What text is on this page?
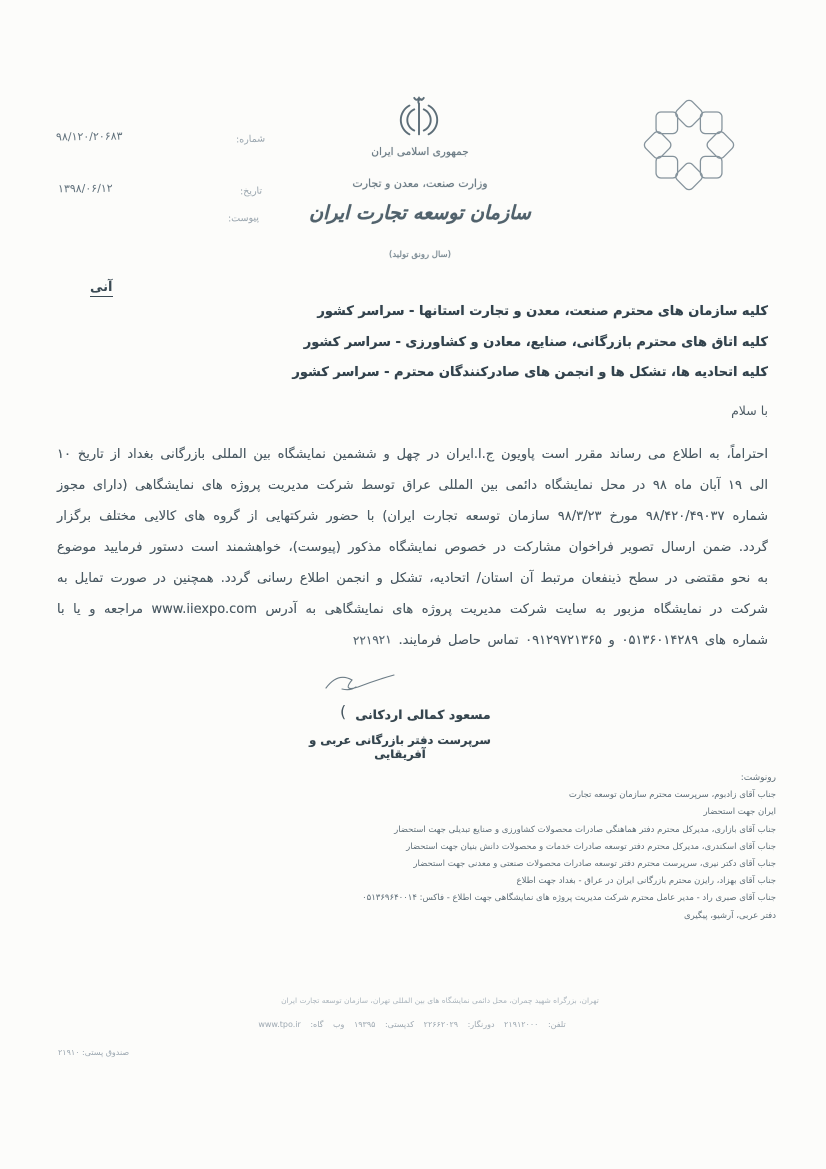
۹۸/۱۲۰/۲۰۶۸۳
۱۳۹۸/۰۶/۱۲
شماره:
تاریخ:
پیوست:
جمهوری اسلامی ایران
وزارت صنعت، معدن و تجارت
سازمان توسعه تجارت ایران
(سال رونق تولید)
آنی
کلیه سازمان های محترم صنعت، معدن و تجارت استانها - سراسر کشور
کلیه اتاق های محترم بازرگانی، صنایع، معادن و کشاورزی - سراسر کشور
کلیه اتحادیه ها، تشکل ها و انجمن های صادرکنندگان محترم - سراسر کشور
با سلام

احتراماً، به اطلاع می رساند مقرر است پاویون ج.ا.ایران در چهل و ششمین نمایشگاه بین المللی بازرگانی بغداد از تاریخ ۱۰ الی ۱۹ آبان ماه ۹۸ در محل نمایشگاه دائمی بین المللی عراق توسط شرکت مدیریت پروژه های نمایشگاهی (دارای مجوز شماره ۹۸/۴۲۰/۴۹۰۳۷ مورخ ۹۸/۳/۲۳ سازمان توسعه تجارت ایران) با حضور شرکتهایی از گروه های کالایی مختلف برگزار گردد. ضمن ارسال تصویر فراخوان مشارکت در خصوص نمایشگاه مذکور (پیوست)، خواهشمند است دستور فرمایید موضوع به نحو مقتضی در سطح ذینفعان مرتبط آن استان/ اتحادیه، تشکل و انجمن اطلاع رسانی گردد. همچنین در صورت تمایل به شرکت در نمایشگاه مزبور به سایت شرکت مدیریت پروژه های نمایشگاهی به آدرس www.iiexpo.com مراجعه و یا با شماره های ۰۵۱۳۶۰۱۴۲۸۹ و ۰۹۱۲۹۷۲۱۳۶۵ تماس حاصل فرمایند. ۲۲۱۹۲۱

( مسعود کمالی اردکانی
سرپرست دفتر بازرگانی عربی و آفریقایی
رونوشت:
جناب آقای زادبوم، سرپرست محترم سازمان توسعه تجارت
ایران جهت استحضار
جناب آقای بازاری، مدیرکل محترم دفتر هماهنگی صادرات محصولات کشاورزی و صنایع تبدیلی جهت استحضار
جناب آقای اسکندری، مدیرکل محترم دفتر توسعه صادرات خدمات و محصولات دانش بنیان جهت استحضار
جناب آقای دکتر نیری، سرپرست محترم دفتر توسعه صادرات محصولات صنعتی و معدنی جهت استحضار
جناب آقای بهزاد، رایزن محترم بازرگانی ایران در عراق - بغداد جهت اطلاع
جناب آقای صبری راد - مدیر عامل محترم شرکت مدیریت پروژه های نمایشگاهی جهت اطلاع - فاکس: ۰۵۱۳۶۹۶۴۰۰۱۴
دفتر عربی، آرشیو، پیگیری
تهران، بزرگراه شهید چمران، محل دائمی نمایشگاه های بین المللی تهران، سازمان توسعه تجارت ایران
تلفن: ۲۱۹۱۲۰۰۰ دورنگار: ۲۲۶۶۲۰۲۹ کدپستی: ۱۹۳۹۵ وب گاه: www.tpo.ir
صندوق پستی: ۲۱۹۱۰
